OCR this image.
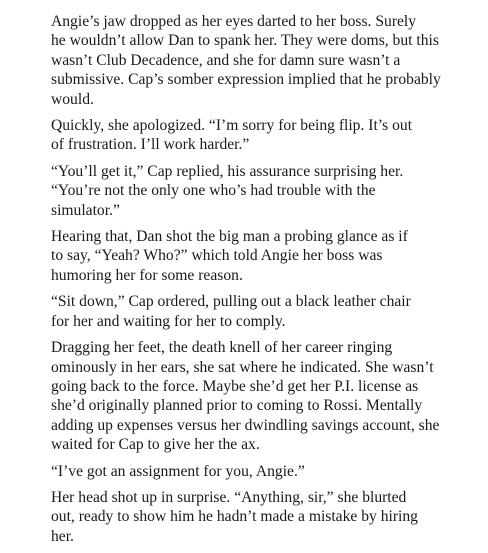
Angie’s jaw dropped as her eyes darted to her boss. Surely
he wouldn’t allow Dan to spank her. They were doms, but this
wasn’t Club Decadence, and she for damn sure wasn’t a
submissive. Cap’s somber expression implied that he probably
would.

Quickly, she apologized. “I’m sorry for being flip. It’s out
of frustration. I’ll work harder.”

“You’ll get it,” Cap replied, his assurance surprising her.
“You’re not the only one who’s had trouble with the
simulator.”

Hearing that, Dan shot the big man a probing glance as if
to say, “Yeah? Who?” which told Angie her boss was
humoring her for some reason.

“Sit down,” Cap ordered, pulling out a black leather chair
for her and waiting for her to comply.

Dragging her feet, the death knell of her career ringing
ominously in her ears, she sat where he indicated. She wasn’t
going back to the force. Maybe she’d get her P.I. license as
she’d originally planned prior to coming to Rossi. Mentally
adding up expenses versus her dwindling savings account, she
waited for Cap to give her the ax.

“I’ve got an assignment for you, Angie.”

Her head shot up in surprise. “Anything, sir,” she blurted
out, ready to show him he hadn’t made a mistake by hiring
her.
